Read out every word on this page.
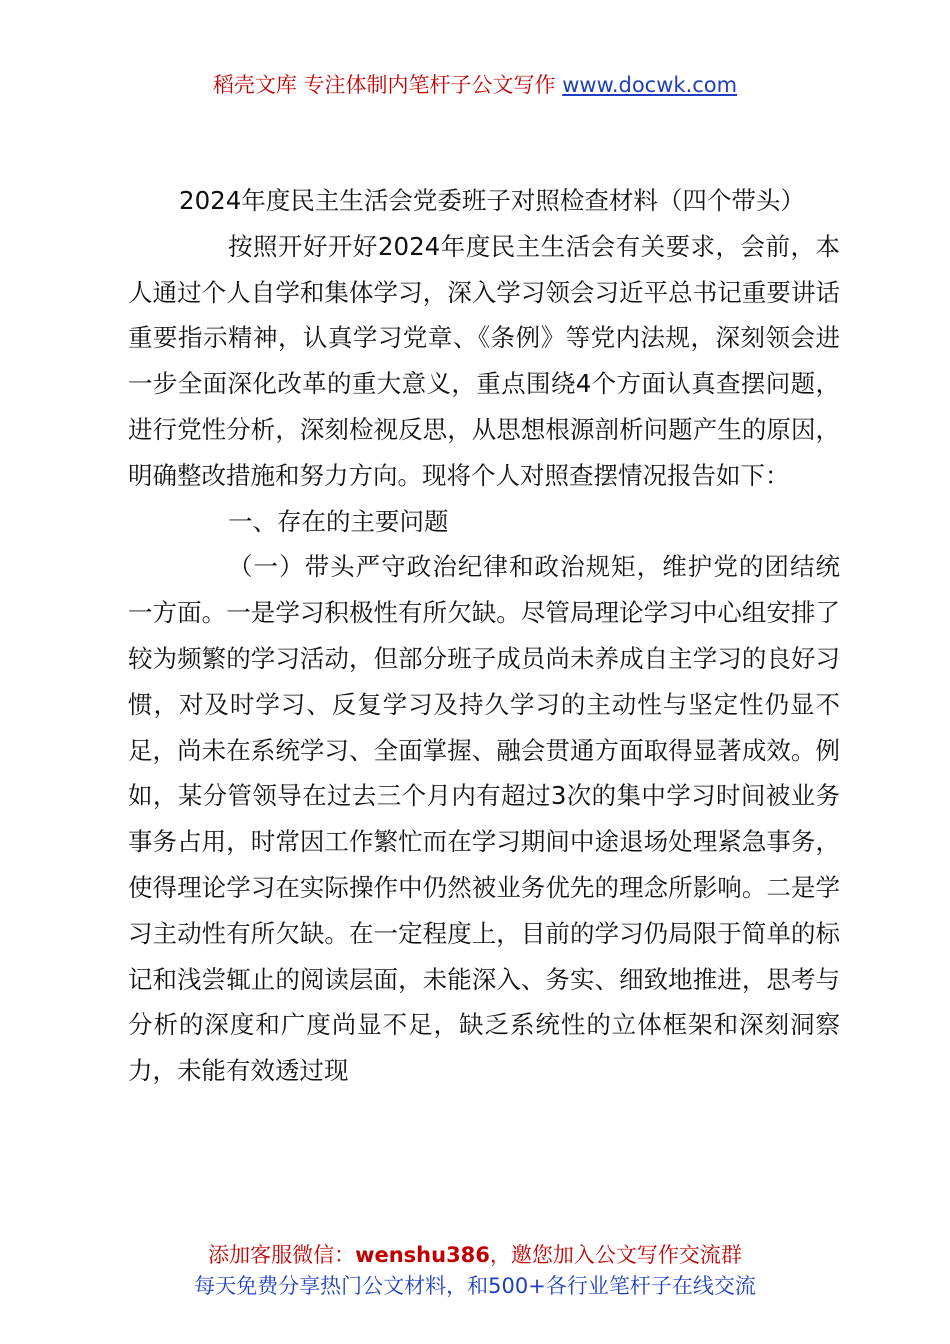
稻壳文库 专注体制内笔杆子公文写作 www.docwk.com

2024年度民主生活会党委班子对照检查材料（四个带头）

按照开好开好2024年度民主生活会有关要求，会前，本人通过个人自学和集体学习，深入学习领会习近平总书记重要讲话重要指示精神，认真学习党章、《条例》等党内法规，深刻领会进一步全面深化改革的重大意义，重点围绕4个方面认真查摆问题，进行党性分析，深刻检视反思，从思想根源剖析问题产生的原因，明确整改措施和努力方向。现将个人对照查摆情况报告如下：

一、存在的主要问题

（一）带头严守政治纪律和政治规矩，维护党的团结统一方面。一是学习积极性有所欠缺。尽管局理论学习中心组安排了较为频繁的学习活动，但部分班子成员尚未养成自主学习的良好习惯，对及时学习、反复学习及持久学习的主动性与坚定性仍显不足，尚未在系统学习、全面掌握、融会贯通方面取得显著成效。例如，某分管领导在过去三个月内有超过3次的集中学习时间被业务事务占用，时常因工作繁忙而在学习期间中途退场处理紧急事务，使得理论学习在实际操作中仍然被业务优先的理念所影响。二是学习主动性有所欠缺。在一定程度上，目前的学习仍局限于简单的标记和浅尝辄止的阅读层面，未能深入、务实、细致地推进，思考与分析的深度和广度尚显不足，缺乏系统性的立体框架和深刻洞察力，未能有效透过现

添加客服微信：wenshu386，邀您加入公文写作交流群
每天免费分享热门公文材料，和500+各行业笔杆子在线交流
